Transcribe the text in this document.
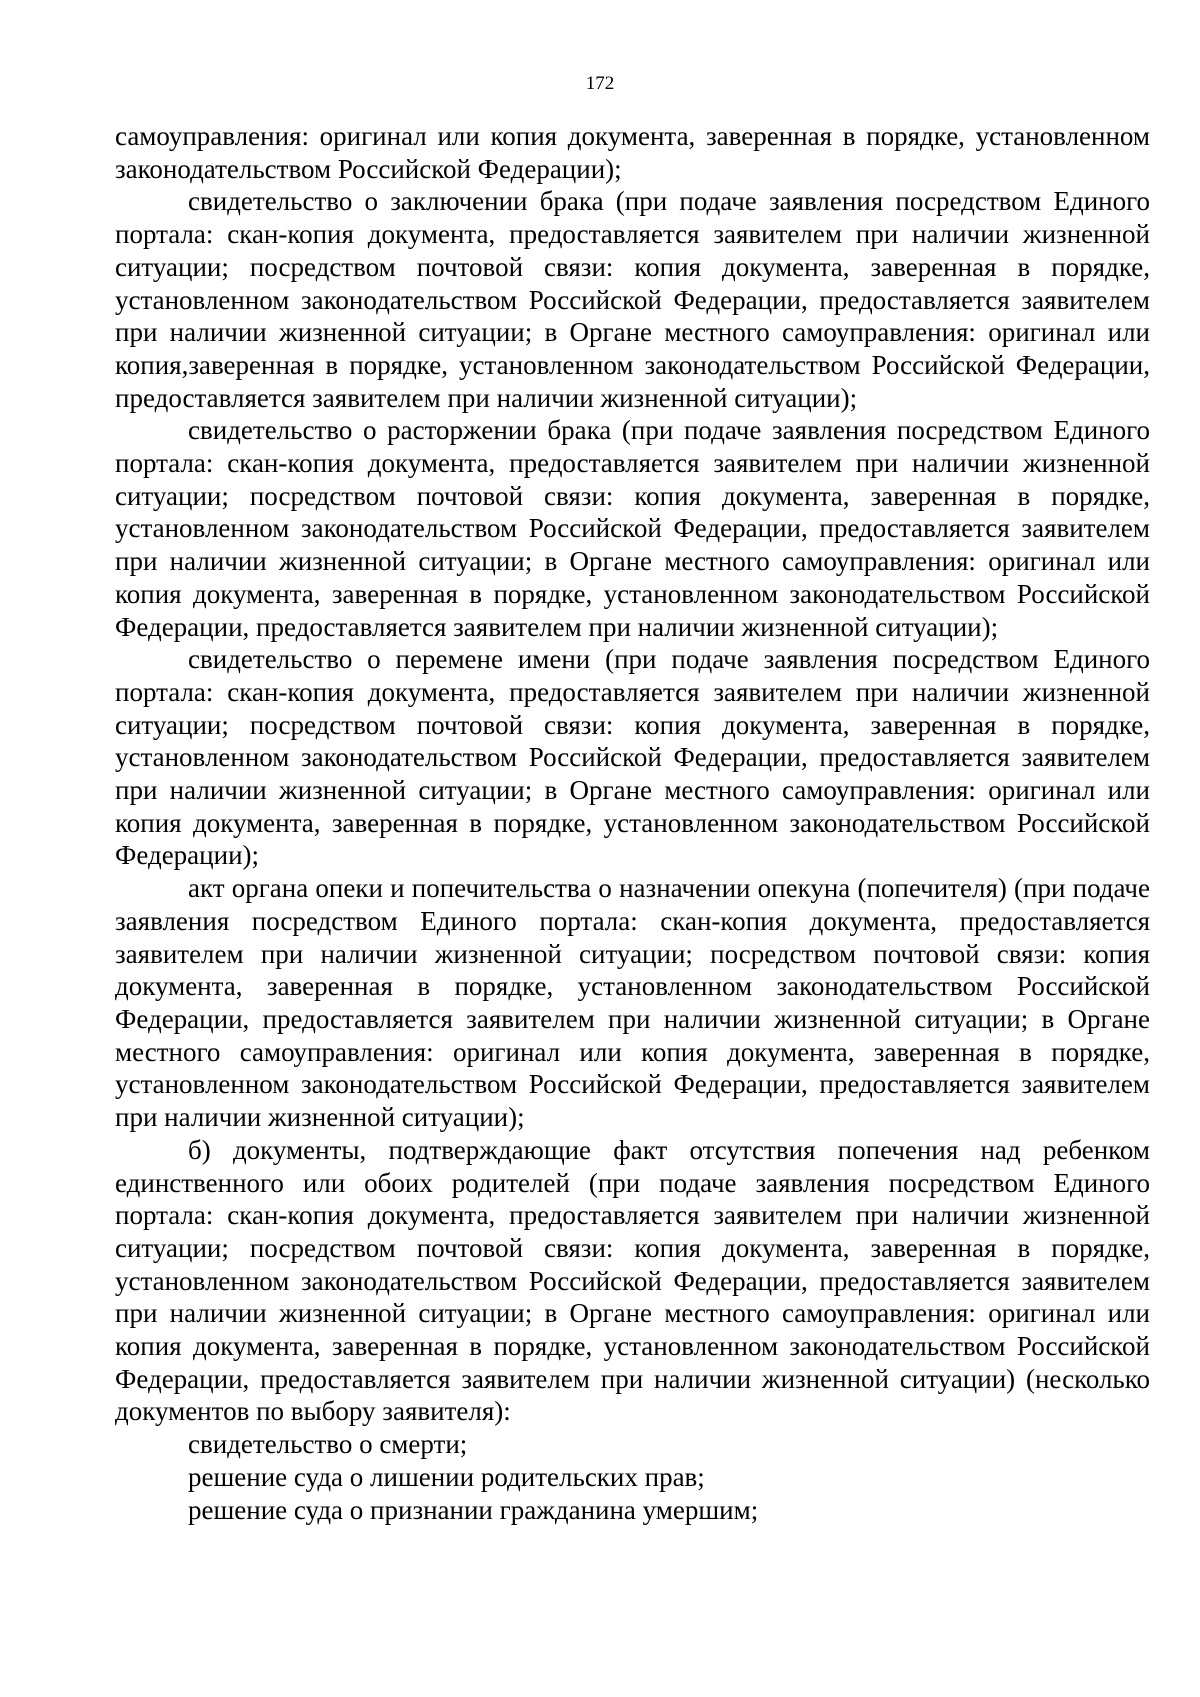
172

самоуправления: оригинал или копия документа, заверенная в порядке, установленном законодательством Российской Федерации);

свидетельство о заключении брака (при подаче заявления посредством Единого портала: скан-копия документа, предоставляется заявителем при наличии жизненной ситуации; посредством почтовой связи: копия документа, заверенная в порядке, установленном законодательством Российской Федерации, предоставляется заявителем при наличии жизненной ситуации; в Органе местного самоуправления: оригинал или копия,заверенная в порядке, установленном законодательством Российской Федерации, предоставляется заявителем при наличии жизненной ситуации);

свидетельство о расторжении брака (при подаче заявления посредством Единого портала: скан-копия документа, предоставляется заявителем при наличии жизненной ситуации; посредством почтовой связи: копия документа, заверенная в порядке, установленном законодательством Российской Федерации, предоставляется заявителем при наличии жизненной ситуации; в Органе местного самоуправления: оригинал или копия документа, заверенная в порядке, установленном законодательством Российской Федерации, предоставляется заявителем при наличии жизненной ситуации);

свидетельство о перемене имени (при подаче заявления посредством Единого портала: скан-копия документа, предоставляется заявителем при наличии жизненной ситуации; посредством почтовой связи: копия документа, заверенная в порядке, установленном законодательством Российской Федерации, предоставляется заявителем при наличии жизненной ситуации; в Органе местного самоуправления: оригинал или копия документа, заверенная в порядке, установленном законодательством Российской Федерации);

акт органа опеки и попечительства о назначении опекуна (попечителя) (при подаче заявления посредством Единого портала: скан-копия документа, предоставляется заявителем при наличии жизненной ситуации; посредством почтовой связи: копия документа, заверенная в порядке, установленном законодательством Российской Федерации, предоставляется заявителем при наличии жизненной ситуации; в Органе местного самоуправления: оригинал или копия документа, заверенная в порядке, установленном законодательством Российской Федерации, предоставляется заявителем при наличии жизненной ситуации);

б) документы, подтверждающие факт отсутствия попечения над ребенком единственного или обоих родителей (при подаче заявления посредством Единого портала: скан-копия документа, предоставляется заявителем при наличии жизненной ситуации; посредством почтовой связи: копия документа, заверенная в порядке, установленном законодательством Российской Федерации, предоставляется заявителем при наличии жизненной ситуации; в Органе местного самоуправления: оригинал или копия документа, заверенная в порядке, установленном законодательством Российской Федерации, предоставляется заявителем при наличии жизненной ситуации) (несколько документов по выбору заявителя):

свидетельство о смерти;

решение суда о лишении родительских прав;

решение суда о признании гражданина умершим;
